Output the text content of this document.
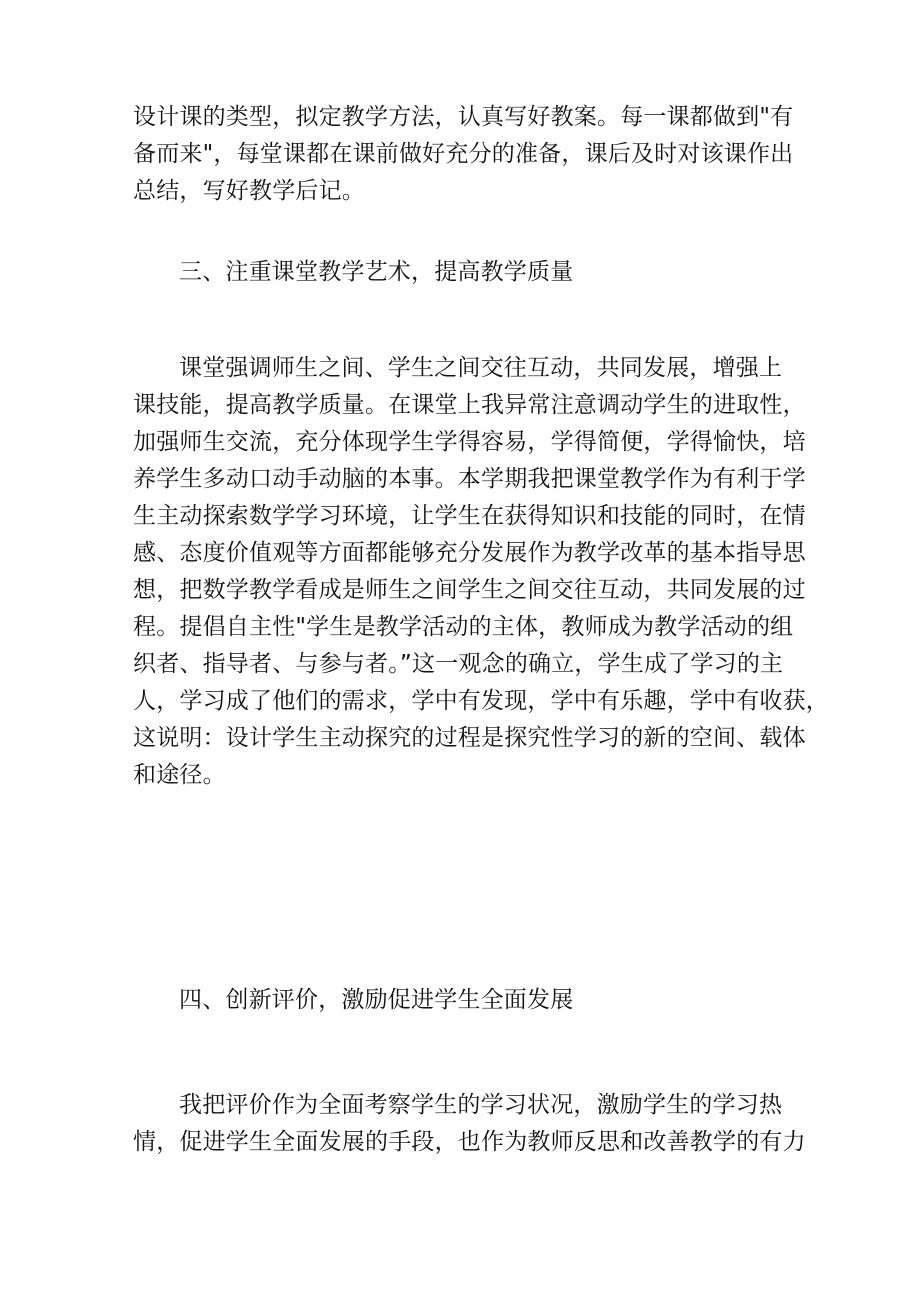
设计课的类型，拟定教学方法，认真写好教案。每一课都做到"有
备而来"，每堂课都在课前做好充分的准备，课后及时对该课作出
总结，写好教学后记。
三、注重课堂教学艺术，提高教学质量
课堂强调师生之间、学生之间交往互动，共同发展，增强上
课技能，提高教学质量。在课堂上我异常注意调动学生的进取性，
加强师生交流，充分体现学生学得容易，学得简便，学得愉快，培
养学生多动口动手动脑的本事。本学期我把课堂教学作为有利于学
生主动探索数学学习环境，让学生在获得知识和技能的同时，在情
感、态度价值观等方面都能够充分发展作为教学改革的基本指导思
想，把数学教学看成是师生之间学生之间交往互动，共同发展的过
程。提倡自主性"学生是教学活动的主体，教师成为教学活动的组
织者、指导者、与参与者。”这一观念的确立，学生成了学习的主
人，学习成了他们的需求，学中有发现，学中有乐趣，学中有收获，
这说明：设计学生主动探究的过程是探究性学习的新的空间、载体
和途径。
四、创新评价，激励促进学生全面发展
我把评价作为全面考察学生的学习状况，激励学生的学习热
情，促进学生全面发展的手段，也作为教师反思和改善教学的有力
